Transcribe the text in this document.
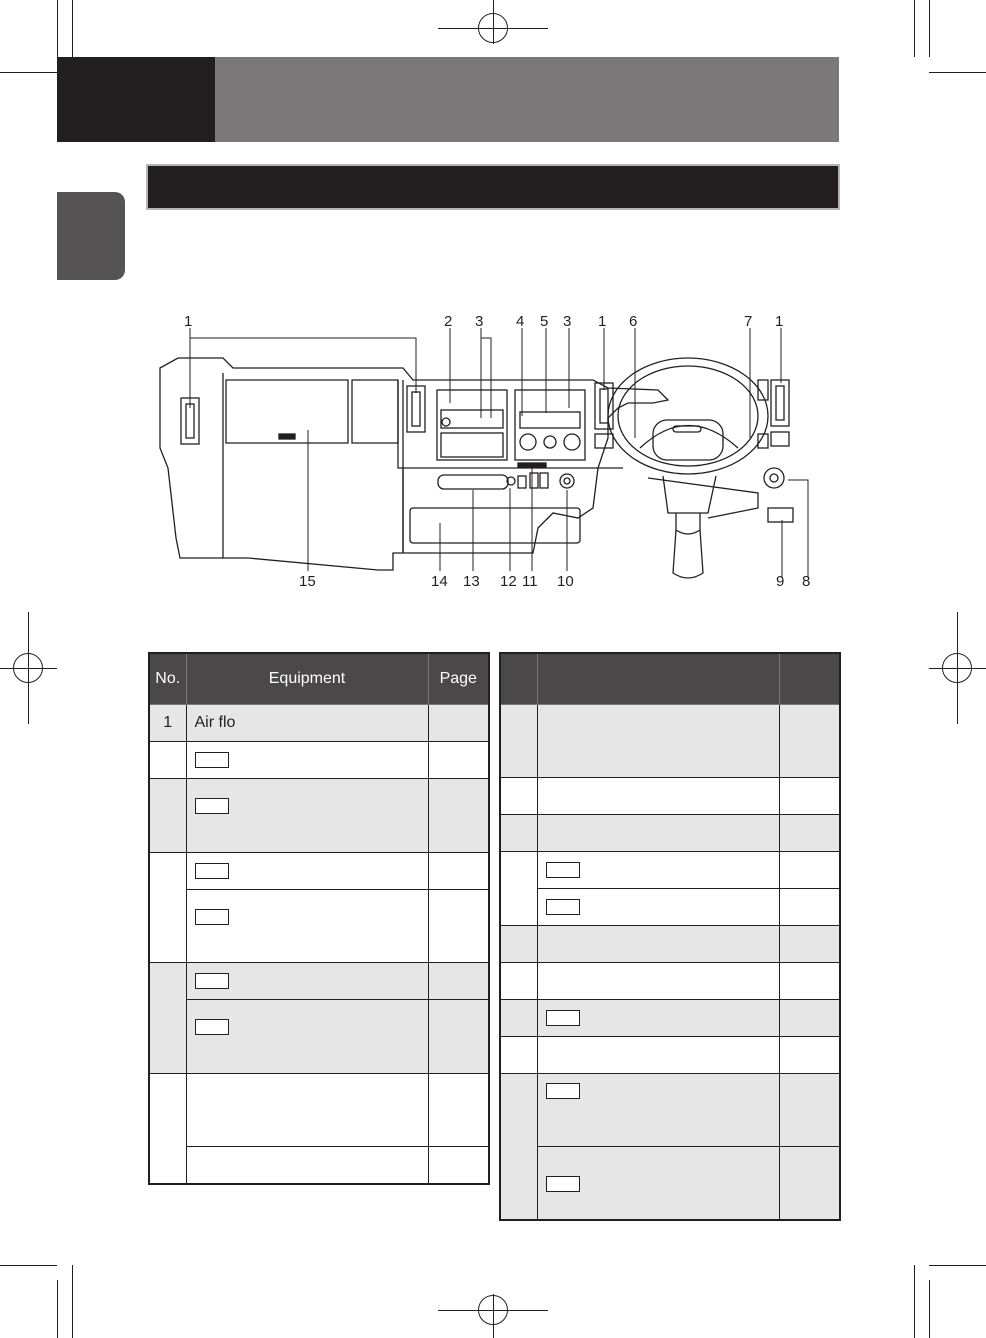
1	2 3 4 5 3 1 6	7 1
15	14 13 12 11 10	9 8
No.	Equipment	Page
1	Air flo	
